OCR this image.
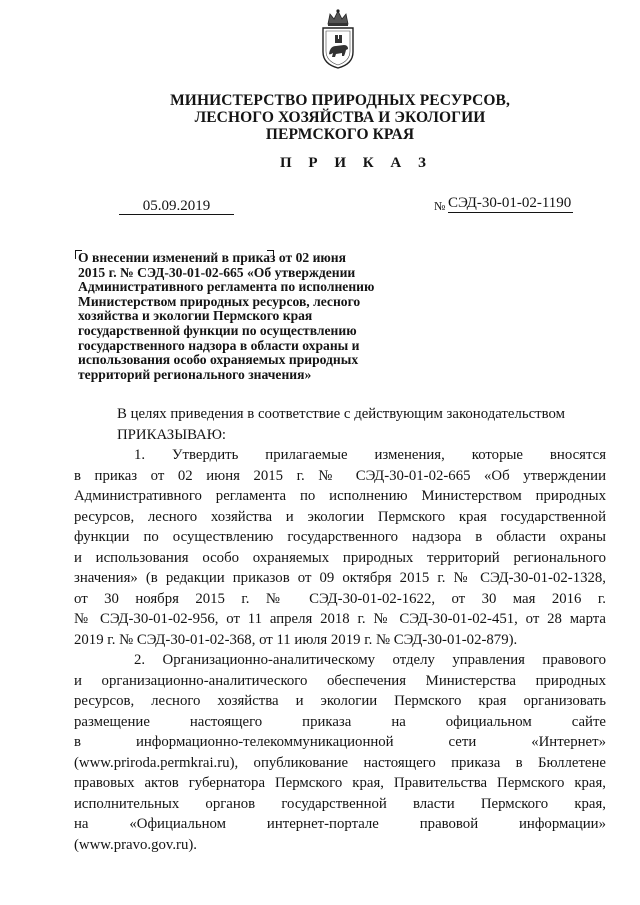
МИНИСТЕРСТВО ПРИРОДНЫХ РЕСУРСОВ,
ЛЕСНОГО ХОЗЯЙСТВА И ЭКОЛОГИИ
ПЕРМСКОГО КРАЯ
П Р И К А З
05.09.2019	№ СЭД-30-01-02-1190
О внесении изменений в приказ от 02 июня
2015 г. № СЭД-30-01-02-665 «Об утверждении
Административного регламента по исполнению
Министерством природных ресурсов, лесного
хозяйства и экологии Пермского края
государственной функции по осуществлению
государственного надзора в области охраны и
использования особо охраняемых природных
территорий регионального значения»
В целях приведения в соответствие с действующим законодательством
ПРИКАЗЫВАЮ:
1. Утвердить прилагаемые изменения, которые вносятся
в приказ от 02 июня 2015 г. № СЭД-30-01-02-665 «Об утверждении
Административного регламента по исполнению Министерством природных
ресурсов, лесного хозяйства и экологии Пермского края государственной
функции по осуществлению государственного надзора в области охраны
и использования особо охраняемых природных территорий регионального
значения» (в редакции приказов от 09 октября 2015 г. № СЭД-30-01-02-1328,
от 30 ноября 2015 г. № СЭД-30-01-02-1622, от 30 мая 2016 г.
№ СЭД-30-01-02-956, от 11 апреля 2018 г. № СЭД-30-01-02-451, от 28 марта
2019 г. № СЭД-30-01-02-368, от 11 июля 2019 г. № СЭД-30-01-02-879).
2. Организационно-аналитическому отделу управления правового
и организационно-аналитического обеспечения Министерства природных
ресурсов, лесного хозяйства и экологии Пермского края организовать
размещение настоящего приказа на официальном сайте
в информационно-телекоммуникационной сети «Интернет»
(www.priroda.permkrai.ru), опубликование настоящего приказа в Бюллетене
правовых актов губернатора Пермского края, Правительства Пермского края,
исполнительных органов государственной власти Пермского края,
на «Официальном интернет-портале правовой информации»
(www.pravo.gov.ru).
